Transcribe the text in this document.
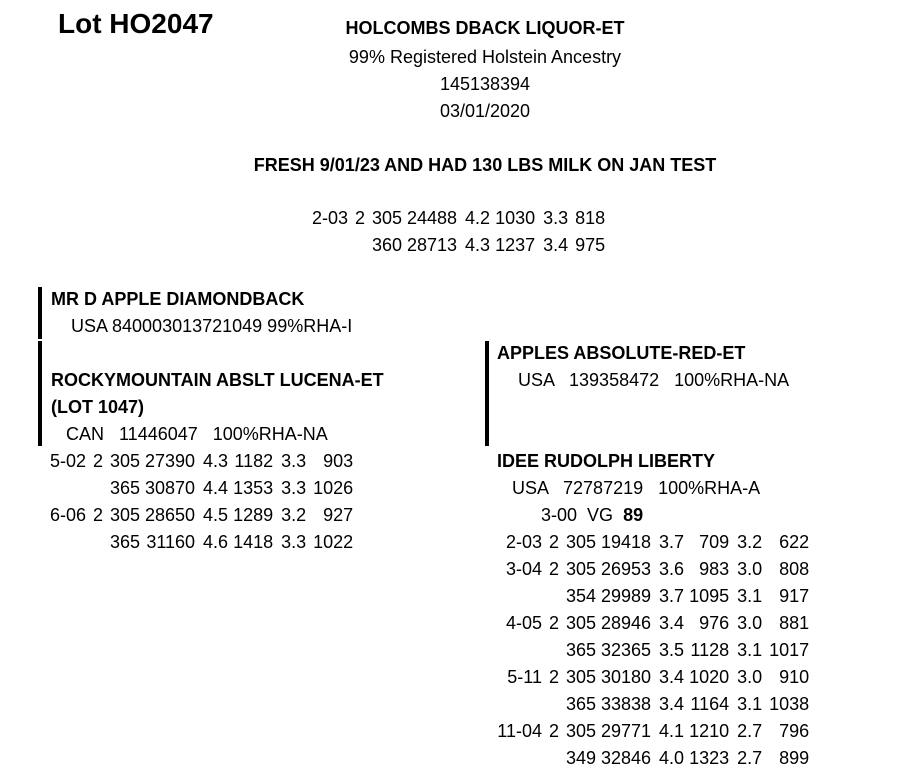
Lot HO2047	HOLCOMBS DBACK LIQUOR-ET
99% Registered Holstein Ancestry
145138394
03/01/2020
FRESH 9/01/23 AND HAD 130 LBS MILK ON JAN TEST
2-03	2	305	24488	4.2	1030	3.3	818
		360	28713	4.3	1237	3.4	975
MR D APPLE DIAMONDBACK
USA 840003013721049 99%RHA-I
ROCKYMOUNTAIN ABSLT LUCENA-ET
(LOT 1047)
CAN   11446047   100%RHA-NA
5-02	2	305	27390	4.3	1182	3.3	903
		365	30870	4.4	1353	3.3	1026
6-06	2	305	28650	4.5	1289	3.2	927
		365	31160	4.6	1418	3.3	1022
APPLES ABSOLUTE-RED-ET
USA   139358472   100%RHA-NA
IDEE RUDOLPH LIBERTY
USA   72787219   100%RHA-A
3-00  VG 89
2-03	2	305	19418	3.7	709	3.2	622
3-04	2	305	26953	3.6	983	3.0	808
		354	29989	3.7	1095	3.1	917
4-05	2	305	28946	3.4	976	3.0	881
		365	32365	3.5	1128	3.1	1017
5-11	2	305	30180	3.4	1020	3.0	910
		365	33838	3.4	1164	3.1	1038
11-04	2	305	29771	4.1	1210	2.7	796
		349	32846	4.0	1323	2.7	899
